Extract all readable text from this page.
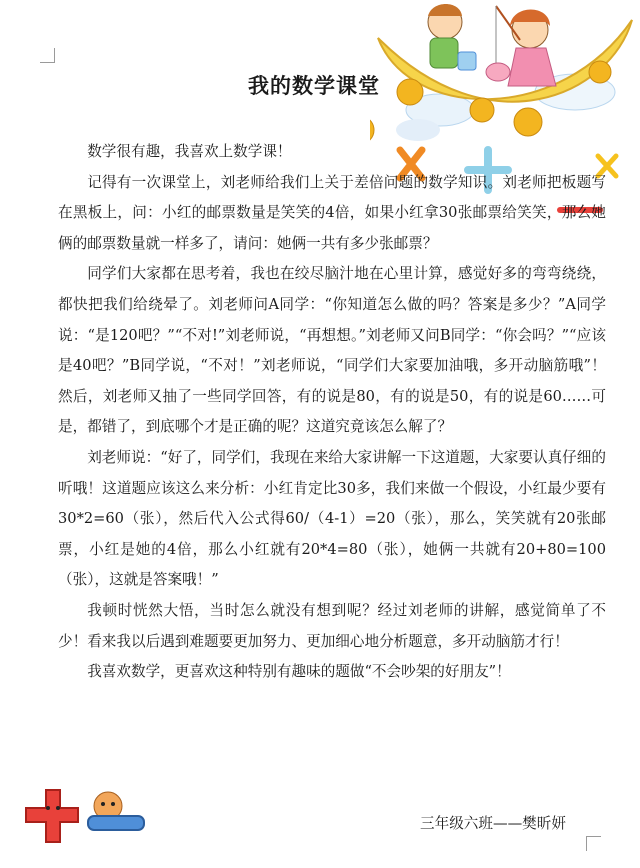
我的数学课堂

数学很有趣，我喜欢上数学课！

记得有一次课堂上，刘老师给我们上关于差倍问题的数学知识。刘老师把板题写在黑板上，问：小红的邮票数量是笑笑的4倍，如果小红拿30张邮票给笑笑，那么她俩的邮票数量就一样多了，请问：她俩一共有多少张邮票？

同学们大家都在思考着，我也在绞尽脑汁地在心里计算，感觉好多的弯弯绕绕，都快把我们给绕晕了。刘老师问A同学：“你知道怎么做的吗？答案是多少？”A同学说：“是120吧？”“不对!”刘老师说，“再想想。”刘老师又问B同学：“你会吗？”“应该是40吧？”B同学说，“不对！”刘老师说，“同学们大家要加油哦，多开动脑筋哦”！然后，刘老师又抽了一些同学回答，有的说是80，有的说是50，有的说是60……可是，都错了，到底哪个才是正确的呢？这道究竟该怎么解了？

刘老师说：“好了，同学们，我现在来给大家讲解一下这道题，大家要认真仔细的听哦！这道题应该这么来分析：小红肯定比30多，我们来做一个假设，小红最少要有30*2=60（张），然后代入公式得60/（4-1）=20（张），那么，笑笑就有20张邮票，小红是她的4倍，那么小红就有20*4=80（张），她俩一共就有20+80=100（张），这就是答案哦！”

我顿时恍然大悟，当时怎么就没有想到呢？经过刘老师的讲解，感觉简单了不少！看来我以后遇到难题要更加努力、更加细心地分析题意，多开动脑筋才行！

我喜欢数学，更喜欢这种特别有趣味的题做“不会吵架的好朋友”！

三年级六班——樊昕妍
